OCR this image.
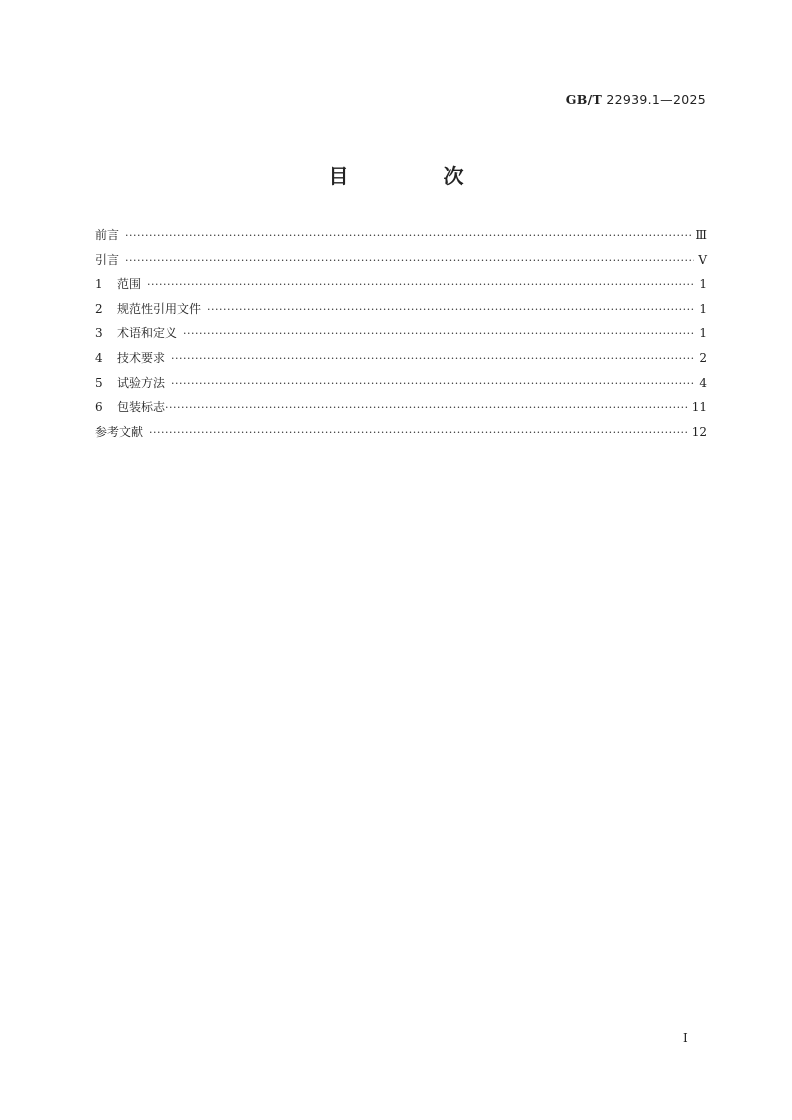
GB/T 22939.1—2025
目 次
前言 ·····	Ⅲ
引言 ·····	Ⅴ
1	范围 ·····	1
2	规范性引用文件 ·····	1
3	术语和定义 ·····	1
4	技术要求 ·····	2
5	试验方法 ·····	4
6	包装标志 ·····	11
参考文献 ·····	12
Ⅰ
